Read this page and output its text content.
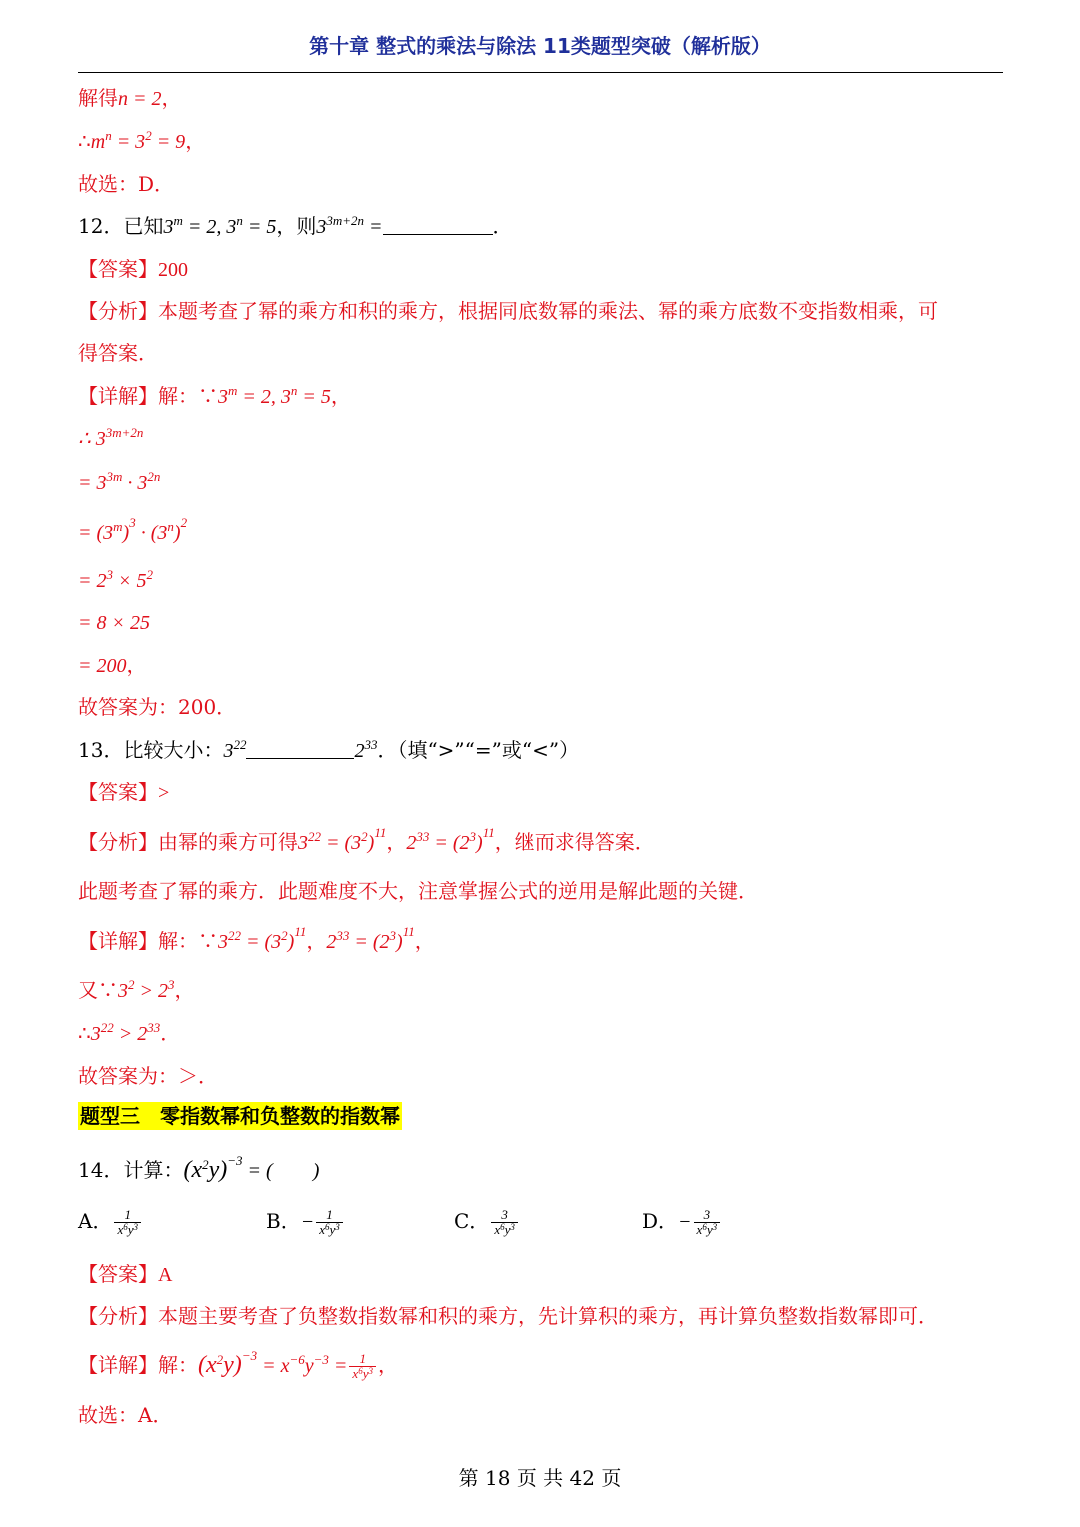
第十章 整式的乘法与除法 11类题型突破（解析版）
解得n = 2，
$\therefore m^n = 3^2 = 9$，
故选：D．
12．已知$3^m = 2$, $3^n = 5$，则$3^{3m+2n}$ =	．
【答案】200
【分析】本题考查了幂的乘方和积的乘方，根据同底数幂的乘法、幂的乘方底数不变指数相乘，可
得答案．
【详解】解：$\because 3^m = 2$, $3^n = 5$，
∴ $3^{3m+2n}$
= $3^{3m} \cdot 3^{2n}$
= $(3^m)^3 \cdot (3^n)^2$
= $2^3 \times 5^2$
= 8 × 25
= 200，
故答案为：200．
13．比较大小：$3^{22}$	$2^{33}$．（填“>”“=”或“<”）
【答案】>
【分析】由幂的乘方可得$3^{22} = (3^2)^{11}$，$2^{33} = (2^3)^{11}$，继而求得答案．
此题考查了幂的乘方．此题难度不大，注意掌握公式的逆用是解此题的关键．
【详解】解：$\because 3^{22} = (3^2)^{11}$，$2^{33} = (2^3)^{11}$，
又$\because 3^2 > 2^3$，
$\therefore 3^{22} > 2^{33}$．
故答案为：＞．
题型三　零指数幂和负整数的指数幂
14．计算：$(x^2y)^{-3}$ = (　　)
A． $\frac{1}{x^6y^3}$	B．− $\frac{1}{x^6y^3}$	C． $\frac{3}{x^6y^3}$	D．− $\frac{3}{x^6y^3}$
【答案】A
【分析】本题主要考查了负整数指数幂和积的乘方，先计算积的乘方，再计算负整数指数幂即可．
【详解】解：$(x^2y)^{-3} = x^{-6}y^{-3} = \frac{1}{x^6y^3}$ ，
故选：A．
第 18 页 共 42 页
